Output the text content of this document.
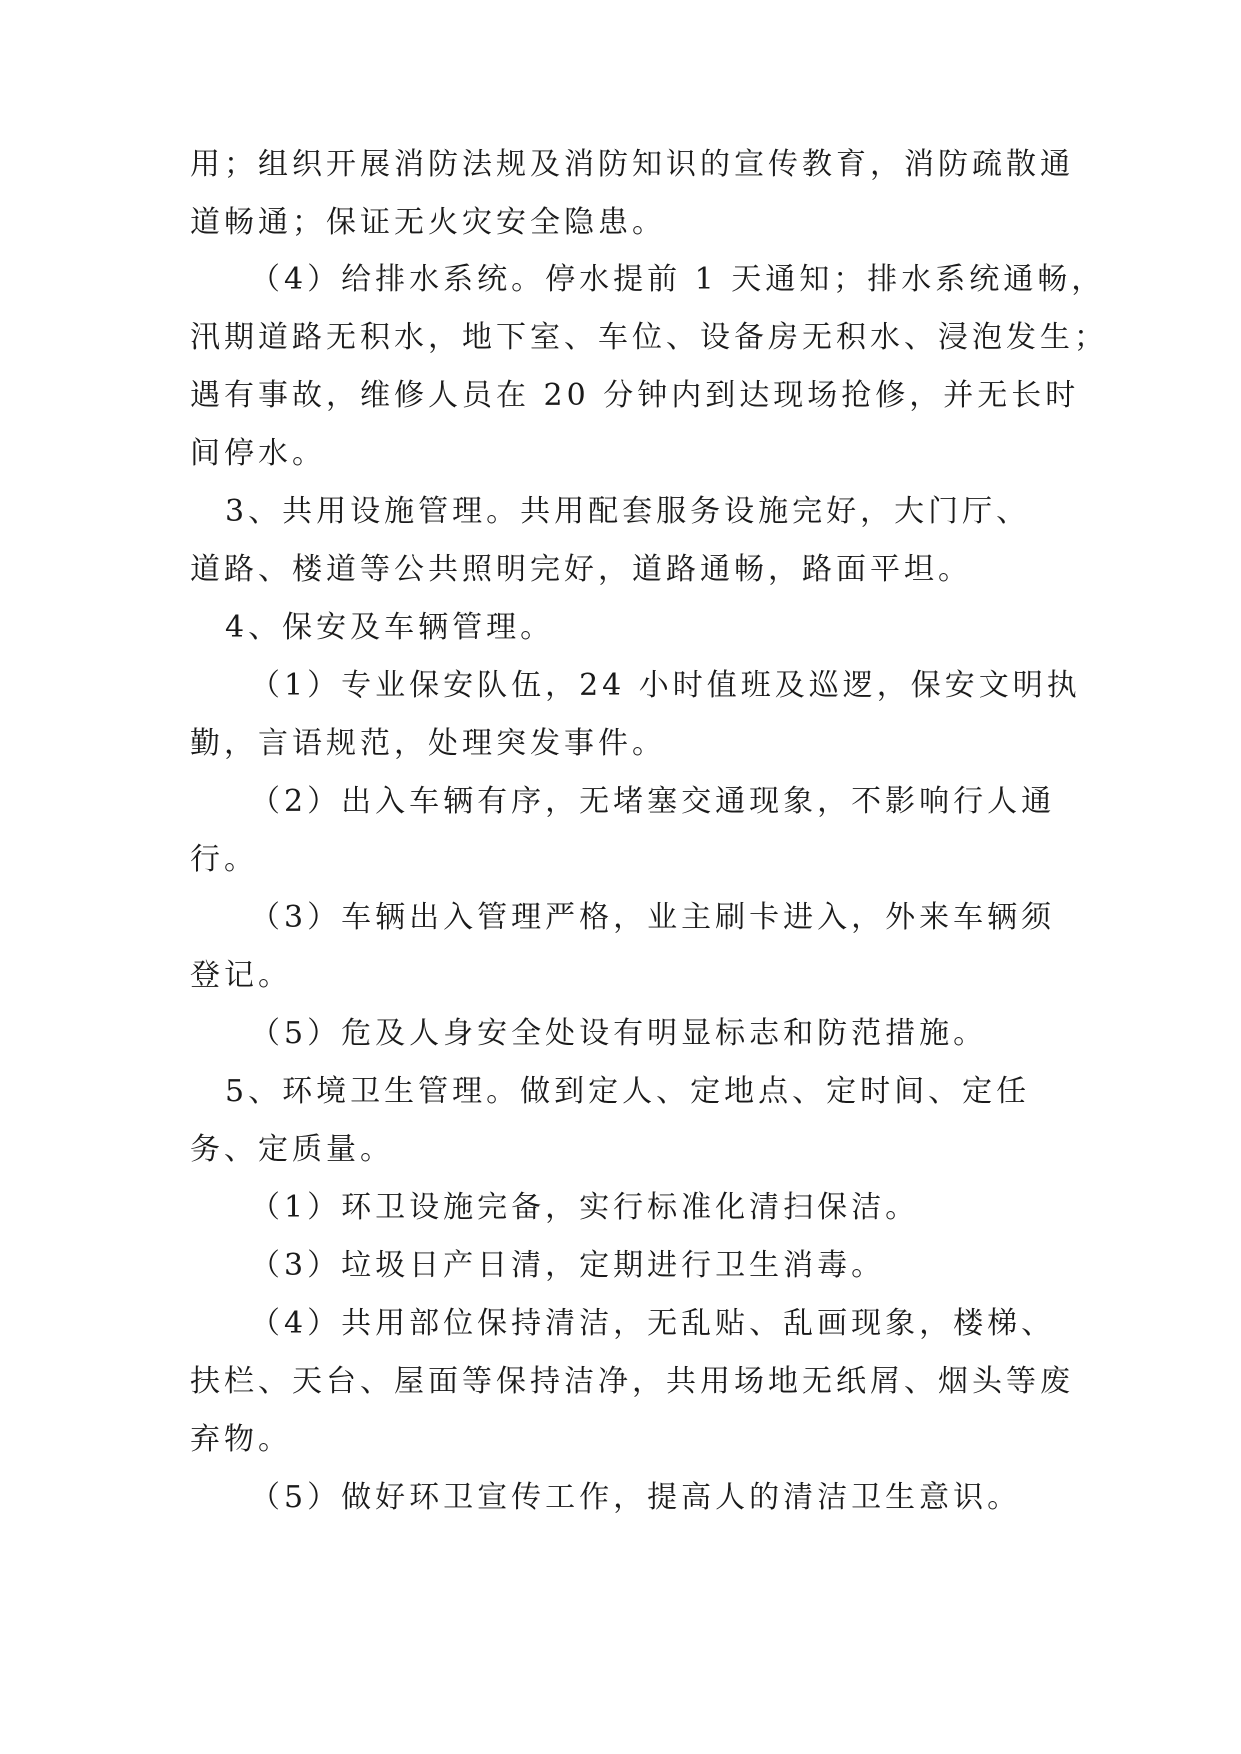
用；组织开展消防法规及消防知识的宣传教育，消防疏散通
道畅通；保证无火灾安全隐患。
（4）给排水系统。停水提前 1 天通知；排水系统通畅，
汛期道路无积水，地下室、车位、设备房无积水、浸泡发生；
遇有事故，维修人员在 20 分钟内到达现场抢修，并无长时
间停水。
3、共用设施管理。共用配套服务设施完好，大门厅、
道路、楼道等公共照明完好，道路通畅，路面平坦。
4、保安及车辆管理。
（1）专业保安队伍，24 小时值班及巡逻，保安文明执
勤，言语规范，处理突发事件。
（2）出入车辆有序，无堵塞交通现象，不影响行人通
行。
（3）车辆出入管理严格，业主刷卡进入，外来车辆须
登记。
（5）危及人身安全处设有明显标志和防范措施。
5、环境卫生管理。做到定人、定地点、定时间、定任
务、定质量。
（1）环卫设施完备，实行标准化清扫保洁。
（3）垃圾日产日清，定期进行卫生消毒。
（4）共用部位保持清洁，无乱贴、乱画现象，楼梯、
扶栏、天台、屋面等保持洁净，共用场地无纸屑、烟头等废
弃物。
（5）做好环卫宣传工作，提高人的清洁卫生意识。
